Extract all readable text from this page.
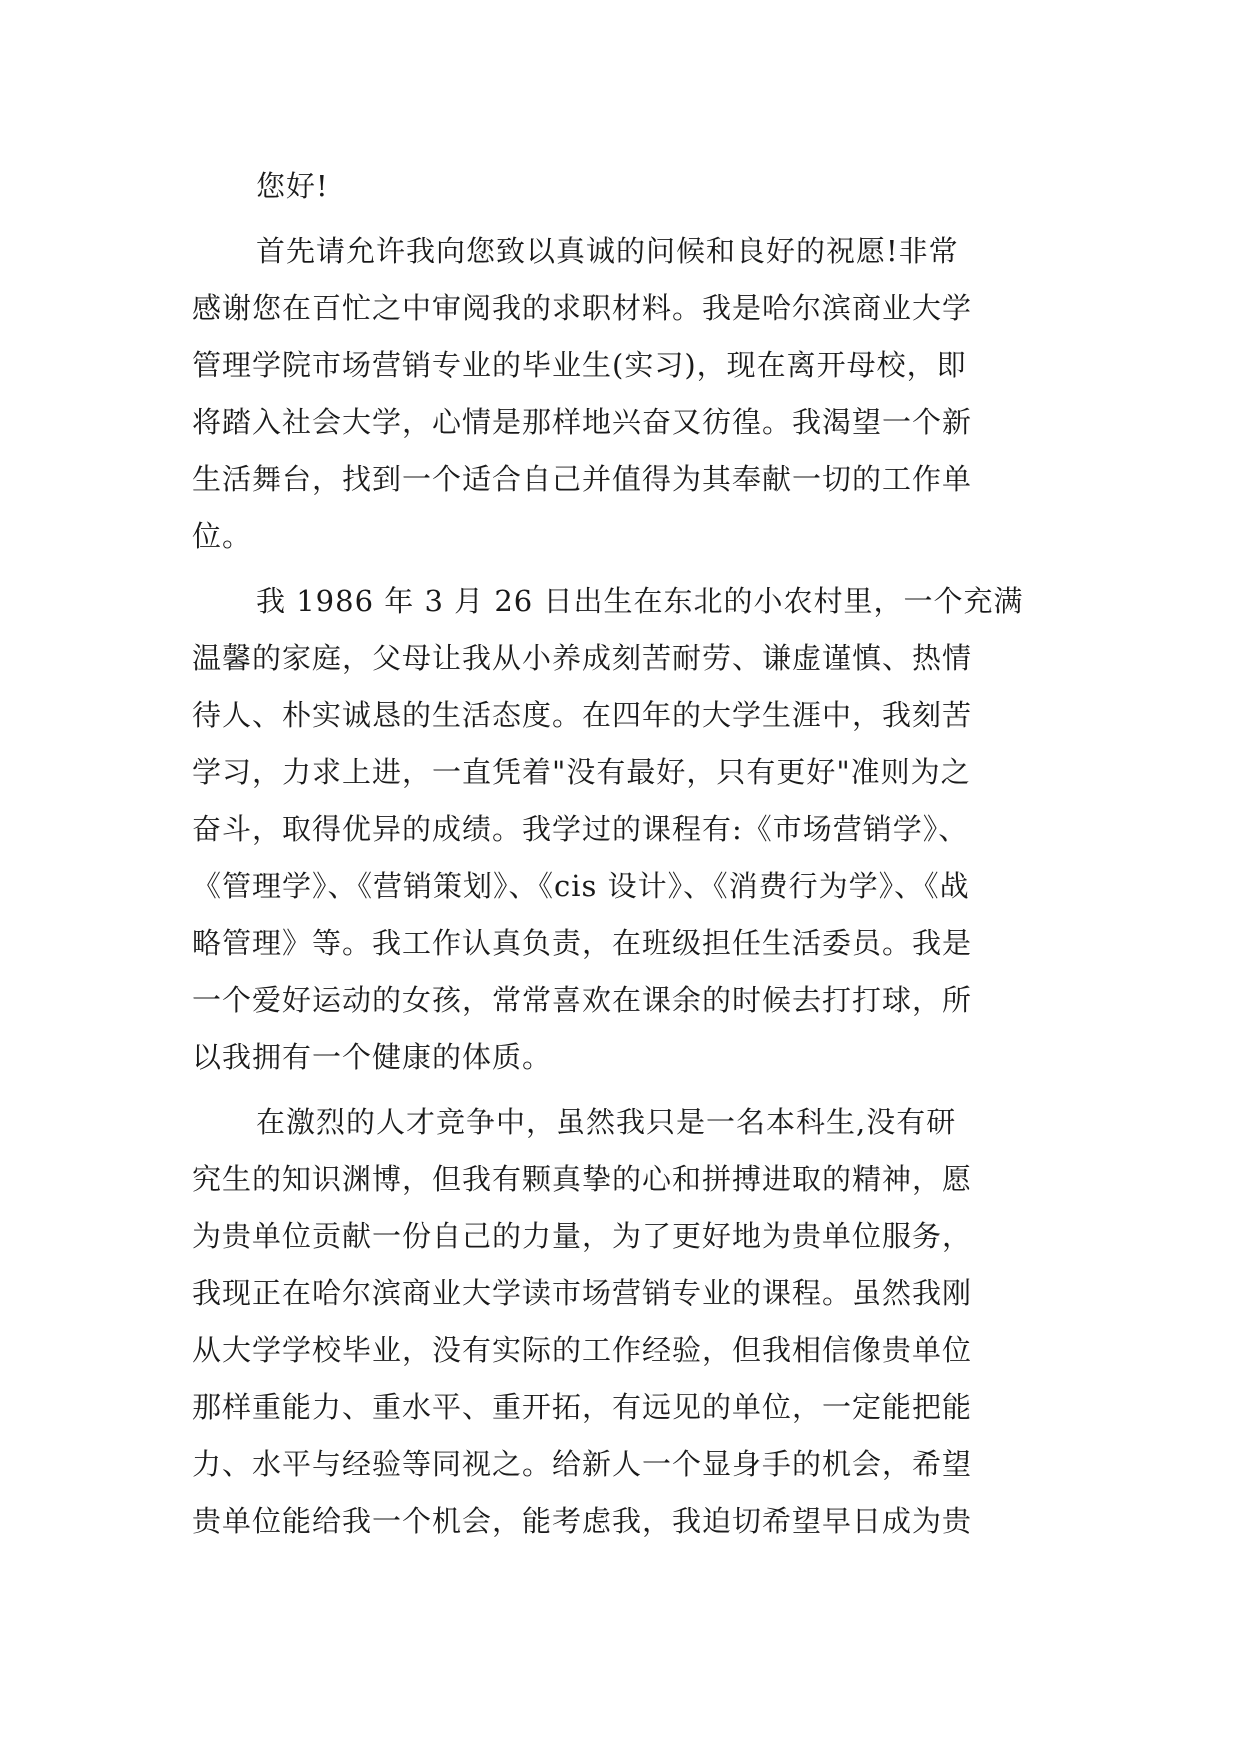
您好!
首先请允许我向您致以真诚的问候和良好的祝愿!非常
感谢您在百忙之中审阅我的求职材料。我是哈尔滨商业大学
管理学院市场营销专业的毕业生(实习)，现在离开母校，即
将踏入社会大学，心情是那样地兴奋又彷徨。我渴望一个新
生活舞台，找到一个适合自己并值得为其奉献一切的工作单
位。
我 1986 年 3 月 26 日出生在东北的小农村里，一个充满
温馨的家庭，父母让我从小养成刻苦耐劳、谦虚谨慎、热情
待人、朴实诚恳的生活态度。在四年的大学生涯中，我刻苦
学习，力求上进，一直凭着"没有最好，只有更好"准则为之
奋斗，取得优异的成绩。我学过的课程有:《市场营销学》、
《管理学》、《营销策划》、《cis 设计》、《消费行为学》、《战
略管理》等。我工作认真负责，在班级担任生活委员。我是
一个爱好运动的女孩，常常喜欢在课余的时候去打打球，所
以我拥有一个健康的体质。
在激烈的人才竞争中，虽然我只是一名本科生,没有研
究生的知识渊博，但我有颗真挚的心和拼搏进取的精神，愿
为贵单位贡献一份自己的力量，为了更好地为贵单位服务，
我现正在哈尔滨商业大学读市场营销专业的课程。虽然我刚
从大学学校毕业，没有实际的工作经验，但我相信像贵单位
那样重能力、重水平、重开拓，有远见的单位，一定能把能
力、水平与经验等同视之。给新人一个显身手的机会，希望
贵单位能给我一个机会，能考虑我，我迫切希望早日成为贵
